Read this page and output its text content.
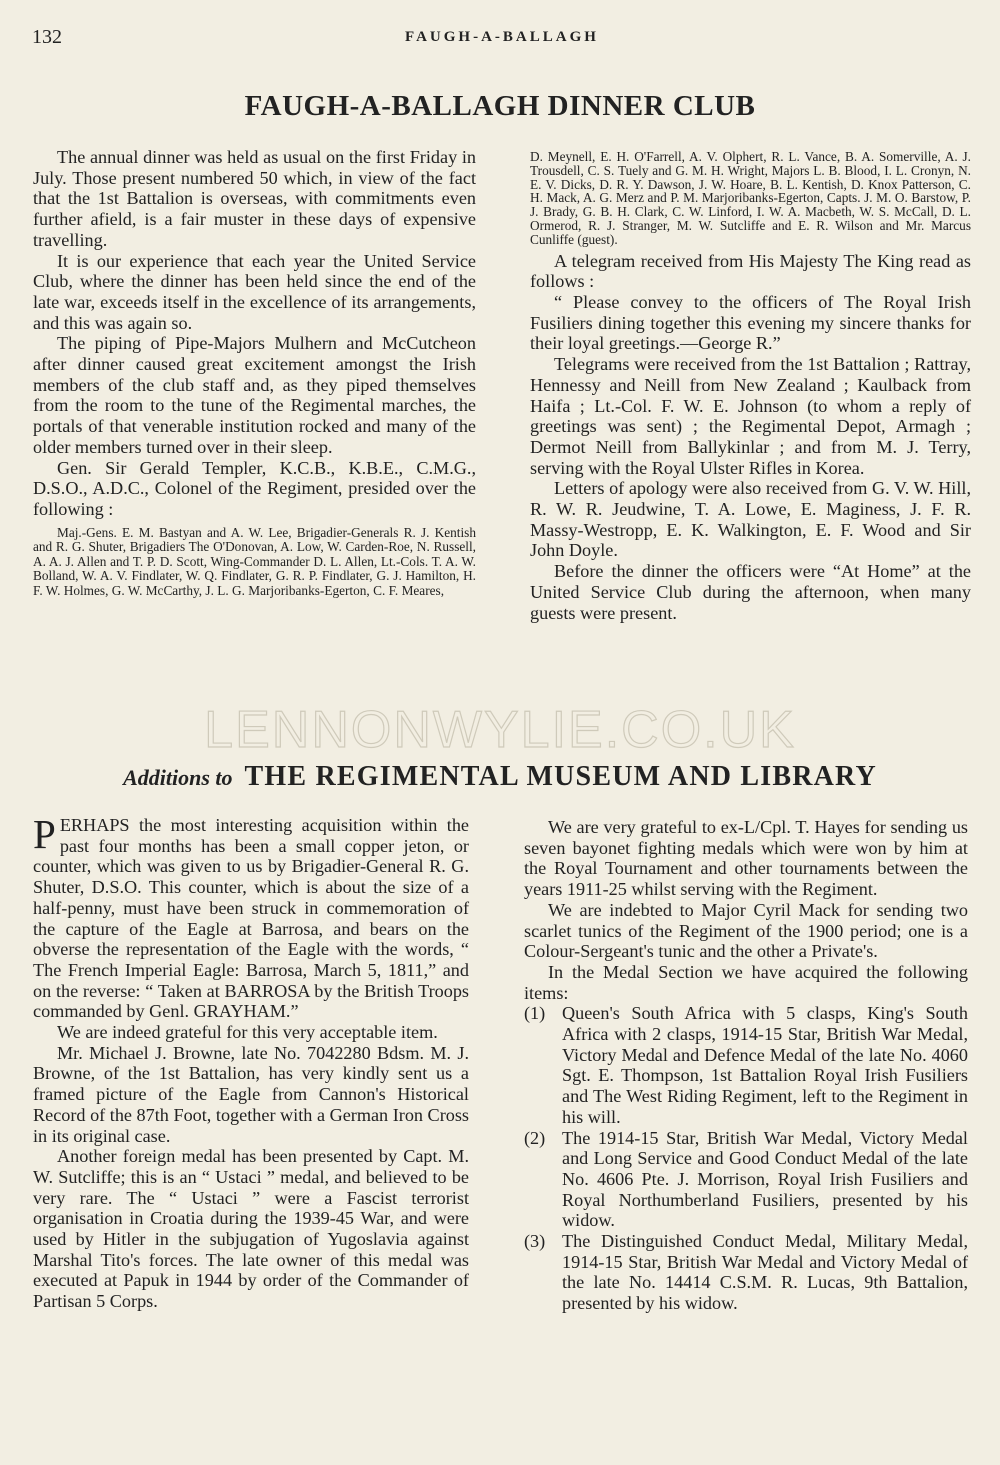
132	FAUGH-A-BALLAGH
FAUGH-A-BALLAGH DINNER CLUB

The annual dinner was held as usual on the first Friday in July. Those present numbered 50 which, in view of the fact that the 1st Battalion is overseas, with commitments even further afield, is a fair muster in these days of expensive travelling.

It is our experience that each year the United Service Club, where the dinner has been held since the end of the late war, exceeds itself in the excellence of its arrangements, and this was again so.

The piping of Pipe-Majors Mulhern and McCutcheon after dinner caused great excitement amongst the Irish members of the club staff and, as they piped themselves from the room to the tune of the Regimental marches, the portals of that venerable institution rocked and many of the older members turned over in their sleep.

Gen. Sir Gerald Templer, K.C.B., K.B.E., C.M.G., D.S.O., A.D.C., Colonel of the Regiment, presided over the following :

Maj.-Gens. E. M. Bastyan and A. W. Lee, Brigadier-Generals R. J. Kentish and R. G. Shuter, Brigadiers The O'Donovan, A. Low, W. Carden-Roe, N. Russell, A. A. J. Allen and T. P. D. Scott, Wing-Commander D. L. Allen, Lt.-Cols. T. A. W. Bolland, W. A. V. Findlater, W. Q. Findlater, G. R. P. Findlater, G. J. Hamilton, H. F. W. Holmes, G. W. McCarthy, J. L. G. Marjoribanks-Egerton, C. F. Meares,

D. Meynell, E. H. O'Farrell, A. V. Olphert, R. L. Vance, B. A. Somerville, A. J. Trousdell, C. S. Tuely and G. M. H. Wright, Majors L. B. Blood, I. L. Cronyn, N. E. V. Dicks, D. R. Y. Dawson, J. W. Hoare, B. L. Kentish, D. Knox Patterson, C. H. Mack, A. G. Merz and P. M. Marjoribanks-Egerton, Capts. J. M. O. Barstow, P. J. Brady, G. B. H. Clark, C. W. Linford, I. W. A. Macbeth, W. S. McCall, D. L. Ormerod, R. J. Stranger, M. W. Sutcliffe and E. R. Wilson and Mr. Marcus Cunliffe (guest).

A telegram received from His Majesty The King read as follows :

“ Please convey to the officers of The Royal Irish Fusiliers dining together this evening my sincere thanks for their loyal greetings.—George R.”

Telegrams were received from the 1st Battalion ; Rattray, Hennessy and Neill from New Zealand ; Kaulback from Haifa ; Lt.-Col. F. W. E. Johnson (to whom a reply of greetings was sent) ; the Regimental Depot, Armagh ; Dermot Neill from Ballykinlar ; and from M. J. Terry, serving with the Royal Ulster Rifles in Korea.

Letters of apology were also received from G. V. W. Hill, R. W. R. Jeudwine, T. A. Lowe, E. Maginess, J. F. R. Massy-Westropp, E. K. Walkington, E. F. Wood and Sir John Doyle.

Before the dinner the officers were “At Home” at the United Service Club during the afternoon, when many guests were present.

LENNONWYLIE.CO.UK
Additions to THE REGIMENTAL MUSEUM AND LIBRARY

PERHAPS the most interesting acquisition within the past four months has been a small copper jeton, or counter, which was given to us by Brigadier-General R. G. Shuter, D.S.O. This counter, which is about the size of a half-penny, must have been struck in commemoration of the capture of the Eagle at Barrosa, and bears on the obverse the representation of the Eagle with the words, “ The French Imperial Eagle: Barrosa, March 5, 1811,” and on the reverse: “ Taken at BARROSA by the British Troops commanded by Genl. GRAYHAM.”

We are indeed grateful for this very acceptable item.

Mr. Michael J. Browne, late No. 7042280 Bdsm. M. J. Browne, of the 1st Battalion, has very kindly sent us a framed picture of the Eagle from Cannon's Historical Record of the 87th Foot, together with a German Iron Cross in its original case.

Another foreign medal has been presented by Capt. M. W. Sutcliffe; this is an “ Ustaci ” medal, and believed to be very rare. The “ Ustaci ” were a Fascist terrorist organisation in Croatia during the 1939-45 War, and were used by Hitler in the subjugation of Yugoslavia against Marshal Tito's forces. The late owner of this medal was executed at Papuk in 1944 by order of the Commander of Partisan 5 Corps.

We are very grateful to ex-L/Cpl. T. Hayes for sending us seven bayonet fighting medals which were won by him at the Royal Tournament and other tournaments between the years 1911-25 whilst serving with the Regiment.

We are indebted to Major Cyril Mack for sending two scarlet tunics of the Regiment of the 1900 period; one is a Colour-Sergeant's tunic and the other a Private's.

In the Medal Section we have acquired the following items:

(1) Queen's South Africa with 5 clasps, King's South Africa with 2 clasps, 1914-15 Star, British War Medal, Victory Medal and Defence Medal of the late No. 4060 Sgt. E. Thompson, 1st Battalion Royal Irish Fusiliers and The West Riding Regiment, left to the Regiment in his will.
(2) The 1914-15 Star, British War Medal, Victory Medal and Long Service and Good Conduct Medal of the late No. 4606 Pte. J. Morrison, Royal Irish Fusiliers and Royal Northumberland Fusiliers, presented by his widow.
(3) The Distinguished Conduct Medal, Military Medal, 1914-15 Star, British War Medal and Victory Medal of the late No. 14414 C.S.M. R. Lucas, 9th Battalion, presented by his widow.
